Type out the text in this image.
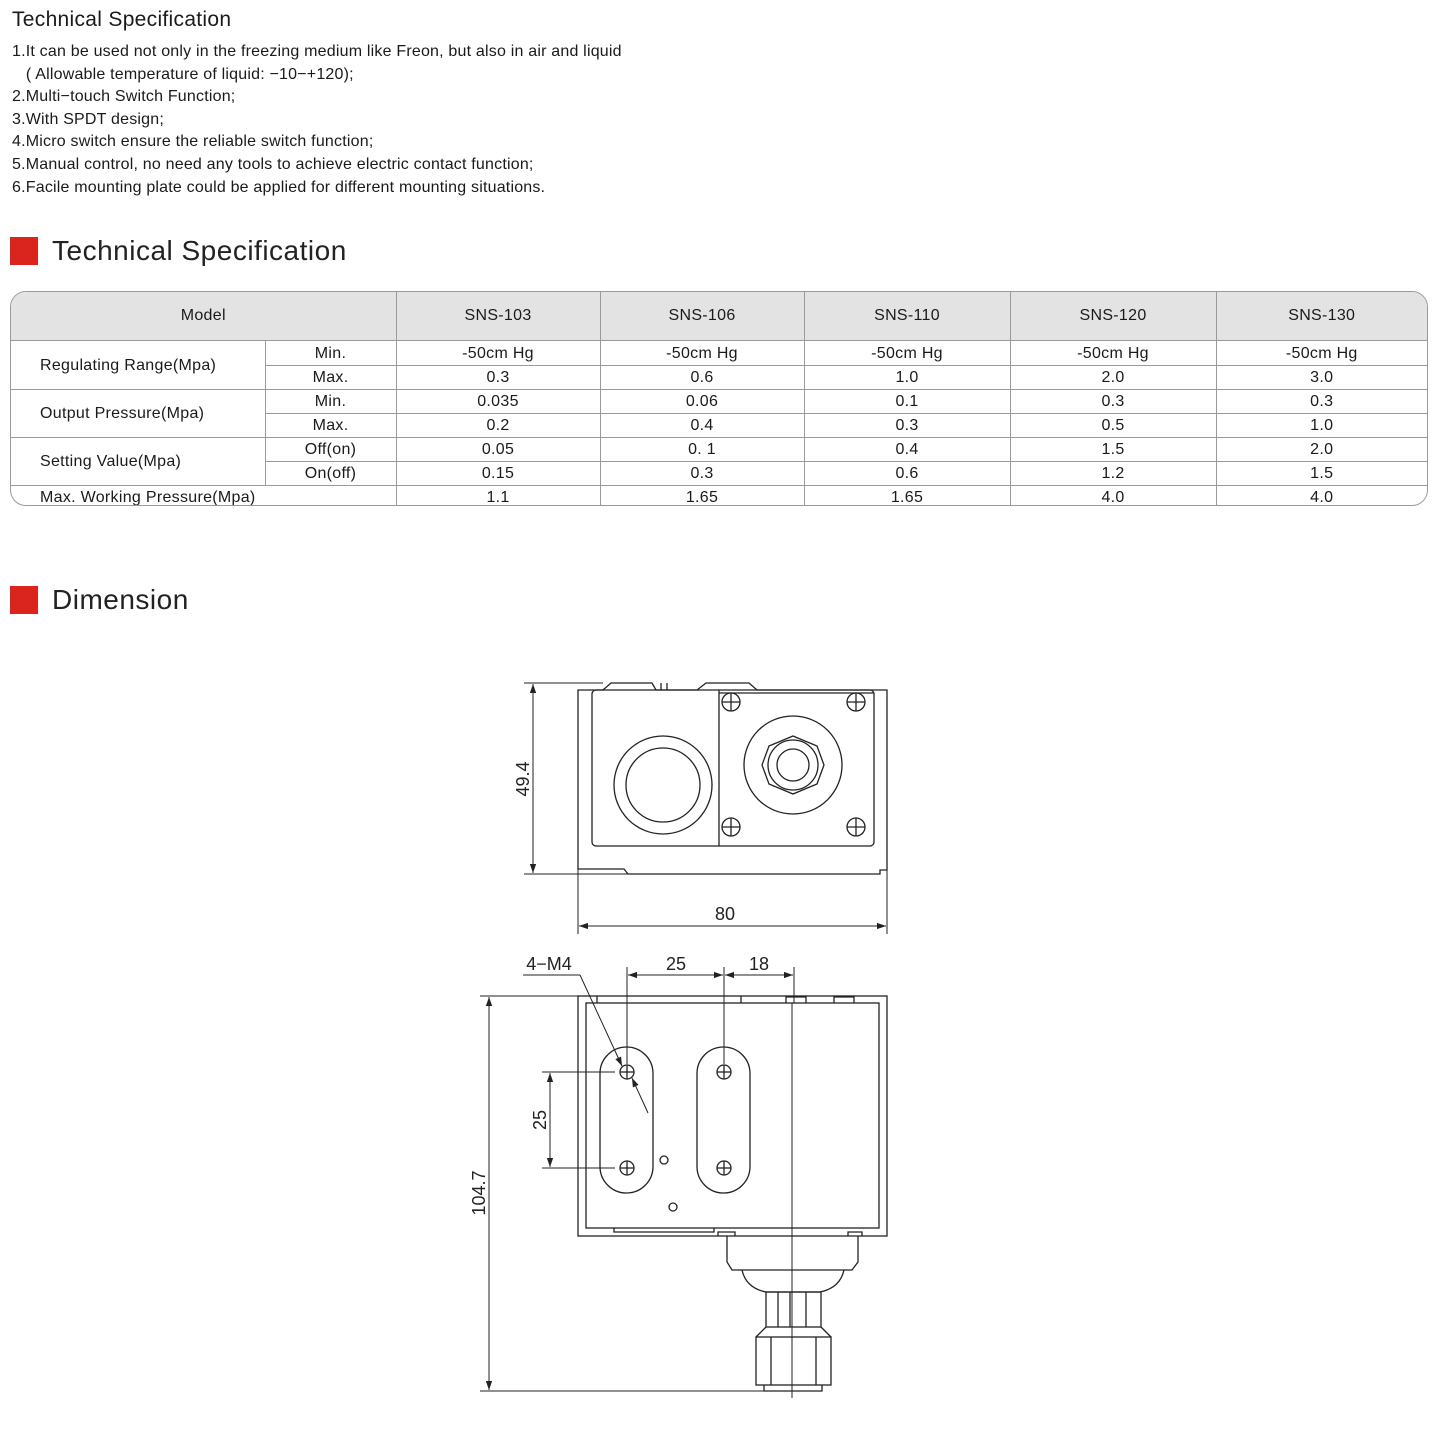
Technical Specification
1.It can be used not only in the freezing medium like Freon, but also in air and liquid
( Allowable temperature of liquid: −10−+120);
2.Multi−touch Switch Function;
3.With SPDT design;
4.Micro switch ensure the reliable switch function;
5.Manual control, no need any tools to achieve electric contact function;
6.Facile mounting plate could be applied for different mounting situations.
Technical Specification
Model		SNS-103	SNS-106	SNS-110	SNS-120	SNS-130
Regulating Range(Mpa)	Min.	-50cm Hg	-50cm Hg	-50cm Hg	-50cm Hg	-50cm Hg
	Max.	0.3	0.6	1.0	2.0	3.0
Output Pressure(Mpa)	Min.	0.035	0.06	0.1	0.3	0.3
	Max.	0.2	0.4	0.3	0.5	1.0
Setting Value(Mpa)	Off(on)	0.05	0. 1	0.4	1.5	2.0
	On(off)	0.15	0.3	0.6	1.2	1.5
Max. Working Pressure(Mpa)		1.1	1.65	1.65	4.0	4.0
Dimension
49.4
80
25	18
4−M4
25
104.7
